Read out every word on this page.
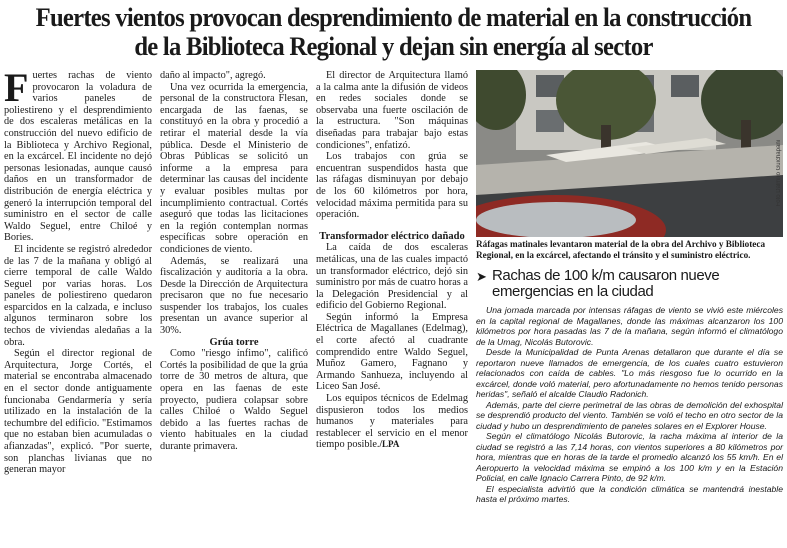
Fuertes vientos provocan desprendimiento de material en la construcción de la Biblioteca Regional y dejan sin energía al sector
F uertes rachas de viento provocaron la voladura de varios paneles de poliestireno y el desprendimiento de dos escaleras metálicas en la construcción del nuevo edificio de la Biblioteca y Archivo Regional, en la excárcel. El incidente no dejó personas lesionadas, aunque causó daños en un transformador de distribución de energía eléctrica y generó la interrupción temporal del suministro en el sector de calle Waldo Seguel, entre Chiloé y Bories.

El incidente se registró alrededor de las 7 de la mañana y obligó al cierre temporal de calle Waldo Seguel por varias horas. Los paneles de poliestireno quedaron esparcidos en la calzada, e incluso algunos terminaron sobre los techos de viviendas aledañas a la obra.

Según el director regional de Arquitectura, Jorge Cortés, el material se encontraba almacenado en el sector donde antiguamente funcionaba Gendarmería y sería utilizado en la instalación de la techumbre del edificio. "Estimamos que no estaban bien acumuladas o afianzadas", explicó. "Por suerte, son planchas livianas que no generan mayor

daño al impacto", agregó.

Una vez ocurrida la emergencia, personal de la constructora Flesan, encargada de las faenas, se constituyó en la obra y procedió a retirar el material desde la vía pública. Desde el Ministerio de Obras Públicas se solicitó un informe a la empresa para determinar las causas del incidente y evaluar posibles multas por incumplimiento contractual. Cortés aseguró que todas las licitaciones en la región contemplan normas específicas sobre operación en condiciones de viento.

Además, se realizará una fiscalización y auditoría a la obra. Desde la Dirección de Arquitectura precisaron que no fue necesario suspender los trabajos, los cuales presentan un avance superior al 30%.

Grúa torre

Como "riesgo ínfimo", calificó Cortés la posibilidad de que la grúa torre de 30 metros de altura, que opera en las faenas de este proyecto, pudiera colapsar sobre calles Chiloé o Waldo Seguel debido a las fuertes rachas de viento habituales en la ciudad durante primavera.

El director de Arquitectura llamó a la calma ante la difusión de videos en redes sociales donde se observaba una fuerte oscilación de la estructura. "Son máquinas diseñadas para trabajar bajo estas condiciones", enfatizó.

Los trabajos con grúa se encuentran suspendidos hasta que las ráfagas disminuyan por debajo de los 60 kilómetros por hora, velocidad máxima permitida para su operación.

Transformador eléctrico dañado

La caída de dos escaleras metálicas, una de las cuales impactó un transformador eléctrico, dejó sin suministro por más de cuatro horas a la Delegación Presidencial y al edificio del Gobierno Regional.

Según informó la Empresa Eléctrica de Magallanes (Edelmag), el corte afectó al cuadrante comprendido entre Waldo Seguel, Muñoz Gamero, Fagnano y Armando Sanhueza, incluyendo al Liceo San José.

Los equipos técnicos de Edelmag dispusieron todos los medios humanos y materiales para restablecer el servicio en el menor tiempo posible./LPA

Foto Dalmiro Guichapani
Ráfagas matinales levantaron material de la obra del Archivo y Biblioteca Regional, en la excárcel, afectando el tránsito y el suministro eléctrico.
➤ Rachas de 100 k/m causaron nueve emergencias en la ciudad

Una jornada marcada por intensas ráfagas de viento se vivió este miércoles en la capital regional de Magallanes, donde las máximas alcanzaron los 100 kilómetros por hora pasadas las 7 de la mañana, según informó el climatólogo de la Umag, Nicolás Butorovic.

Desde la Municipalidad de Punta Arenas detallaron que durante el día se reportaron nueve llamados de emergencia, de los cuales cuatro estuvieron relacionados con caída de cables. "Lo más riesgoso fue lo ocurrido en la excárcel, donde voló material, pero afortunadamente no hemos tenido personas heridas", señaló el alcalde Claudio Radonich.

Además, parte del cierre perimetral de las obras de demolición del exhospital se desprendió producto del viento. También se voló el techo en otro sector de la ciudad y hubo un desprendimiento de paneles solares en el Explorer House.

Según el climatólogo Nicolás Butorovic, la racha máxima al interior de la ciudad se registró a las 7,14 horas, con vientos superiores a 80 kilómetros por hora, mientras que en horas de la tarde el promedio alcanzó los 55 km/h. En el Aeropuerto la velocidad máxima se empinó a los 100 k/m y en la Estación Policial, en calle Ignacio Carrera Pinto, de 92 k/m.

El especialista advirtió que la condición climática se mantendrá inestable hasta el próximo martes.
